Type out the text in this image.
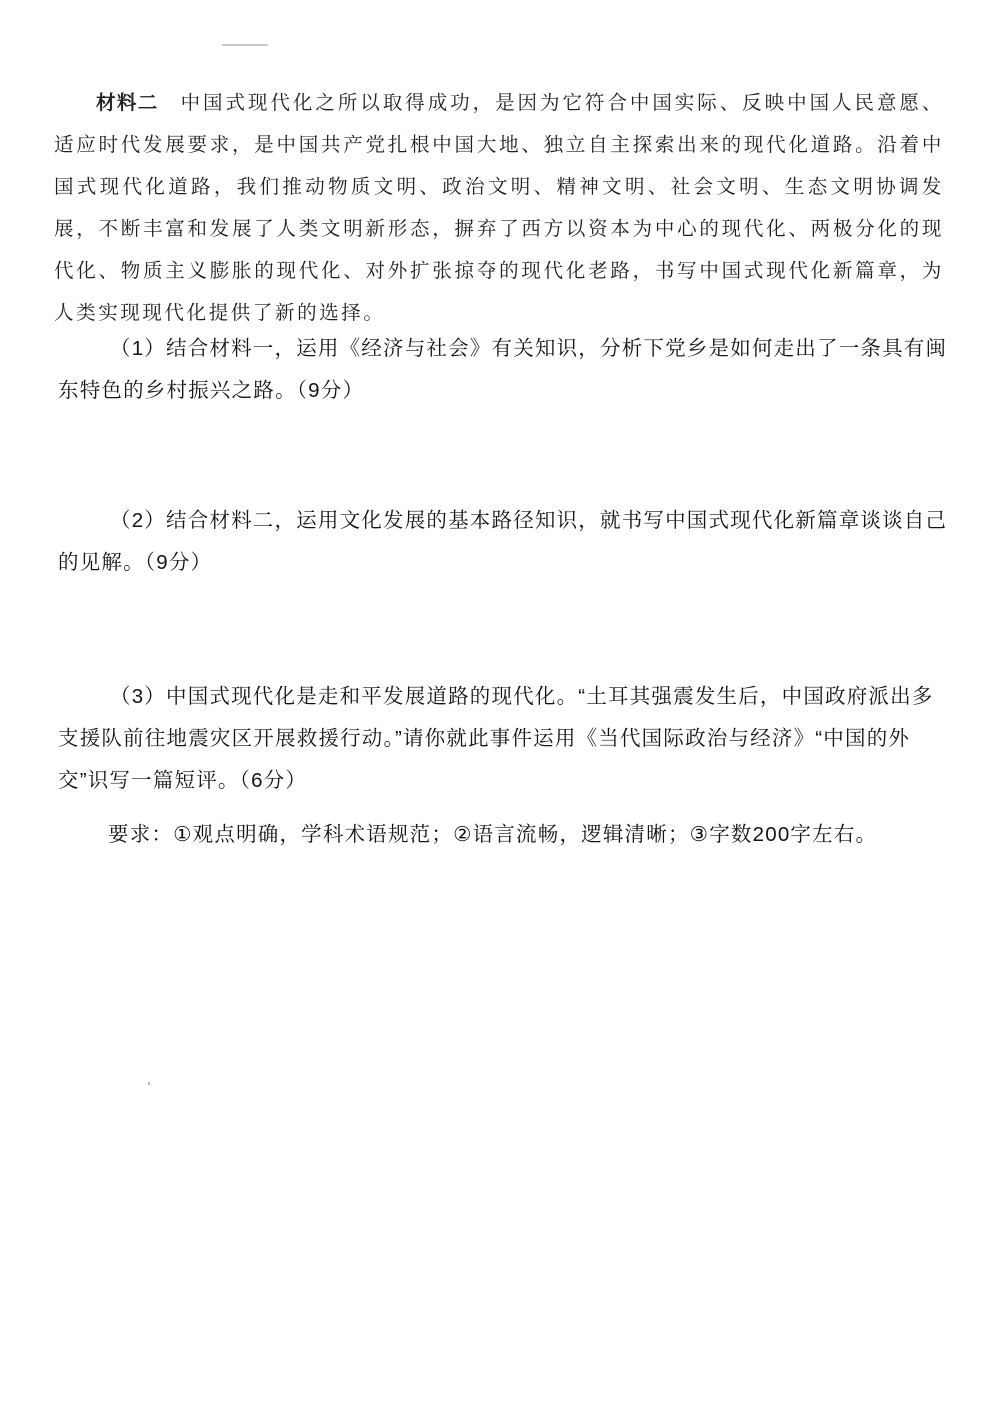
材料二 中国式现代化之所以取得成功，是因为它符合中国实际、反映中国人民意愿、适应时代发展要求，是中国共产党扎根中国大地、独立自主探索出来的现代化道路。沿着中国式现代化道路，我们推动物质文明、政治文明、精神文明、社会文明、生态文明协调发展，不断丰富和发展了人类文明新形态，摒弃了西方以资本为中心的现代化、两极分化的现代化、物质主义膨胀的现代化、对外扩张掠夺的现代化老路，书写中国式现代化新篇章，为人类实现现代化提供了新的选择。
（1）结合材料一，运用《经济与社会》有关知识，分析下党乡是如何走出了一条具有闽东特色的乡村振兴之路。（9分）
（2）结合材料二，运用文化发展的基本路径知识，就书写中国式现代化新篇章谈谈自己的见解。（9分）
（3）中国式现代化是走和平发展道路的现代化。“土耳其强震发生后，中国政府派出多支援队前往地震灾区开展救援行动。”请你就此事件运用《当代国际政治与经济》“中国的外交”识写一篇短评。（6分）
要求：①观点明确，学科术语规范；②语言流畅，逻辑清晰；③字数200字左右。
